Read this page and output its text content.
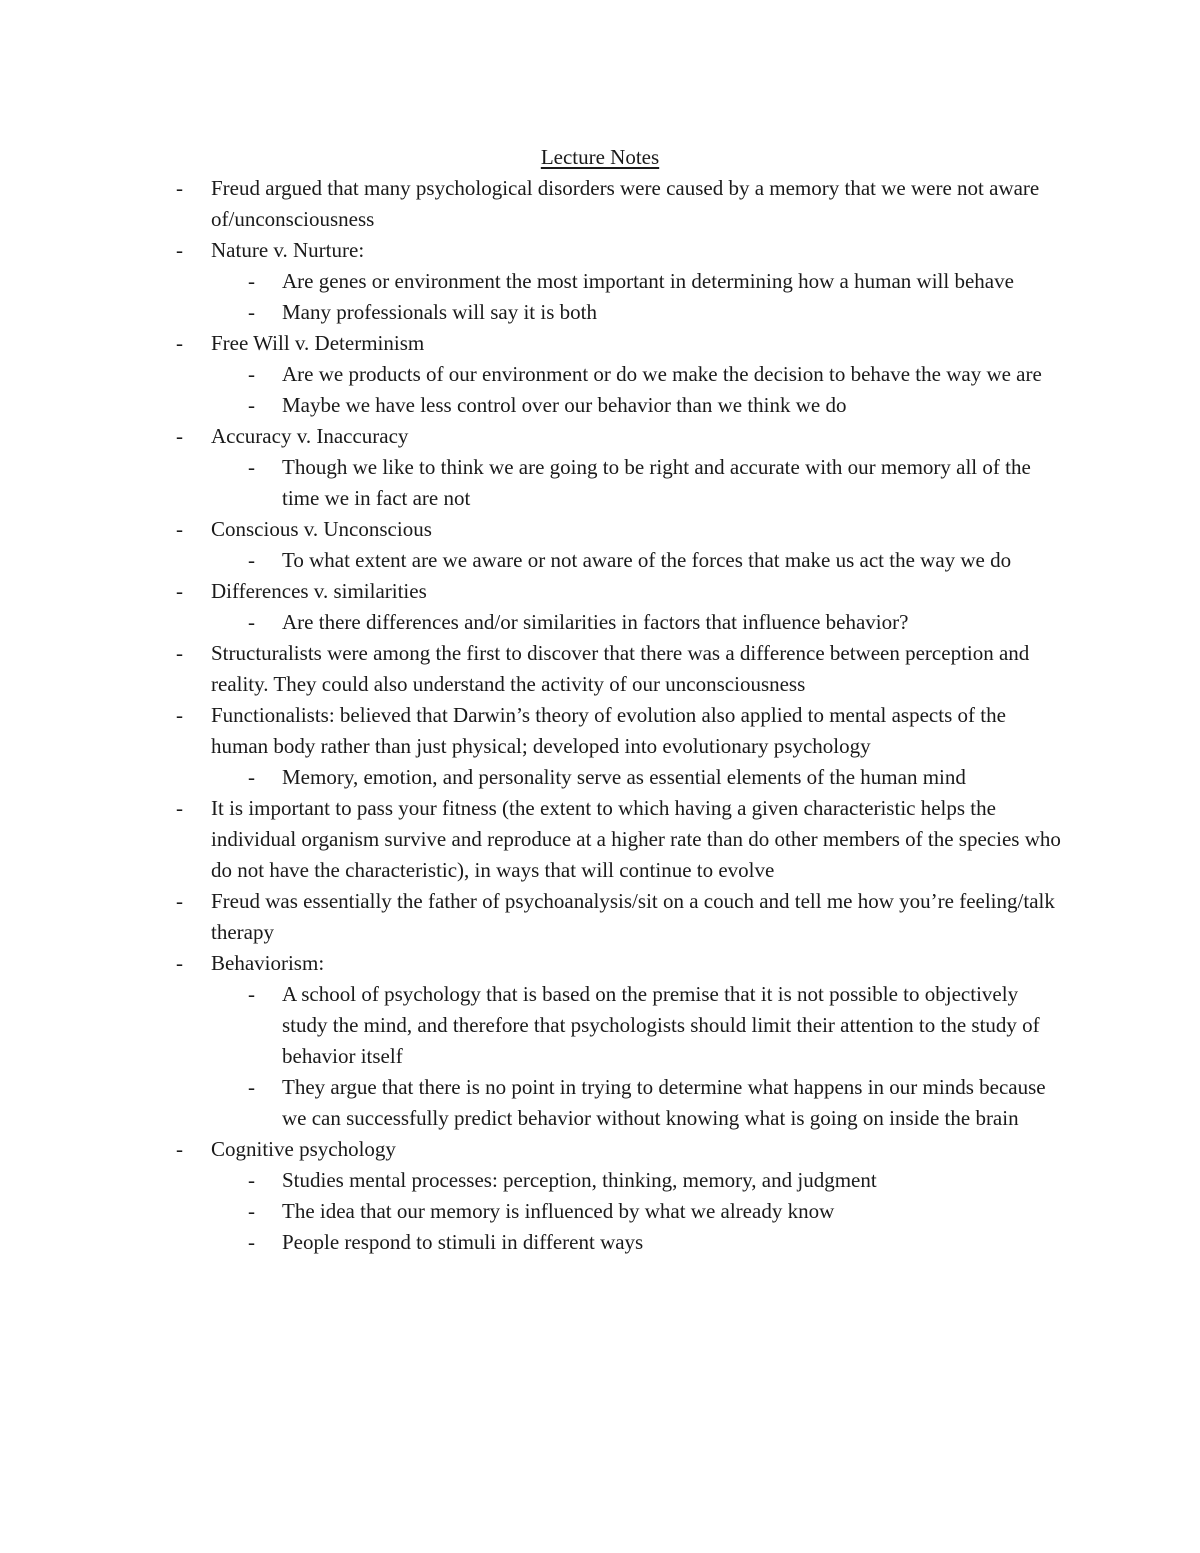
Lecture Notes
- Freud argued that many psychological disorders were caused by a memory that we were not aware of/unconsciousness
- Nature v. Nurture:
- Are genes or environment the most important in determining how a human will behave
- Many professionals will say it is both
- Free Will v. Determinism
- Are we products of our environment or do we make the decision to behave the way we are
- Maybe we have less control over our behavior than we think we do
- Accuracy v. Inaccuracy
- Though we like to think we are going to be right and accurate with our memory all of the time we in fact are not
- Conscious v. Unconscious
- To what extent are we aware or not aware of the forces that make us act the way we do
- Differences v. similarities
- Are there differences and/or similarities in factors that influence behavior?
- Structuralists were among the first to discover that there was a difference between perception and reality. They could also understand the activity of our unconsciousness
- Functionalists: believed that Darwin’s theory of evolution also applied to mental aspects of the human body rather than just physical; developed into evolutionary psychology
- Memory, emotion, and personality serve as essential elements of the human mind
- It is important to pass your fitness (the extent to which having a given characteristic helps the individual organism survive and reproduce at a higher rate than do other members of the species who do not have the characteristic), in ways that will continue to evolve
- Freud was essentially the father of psychoanalysis/sit on a couch and tell me how you’re feeling/talk therapy
- Behaviorism:
- A school of psychology that is based on the premise that it is not possible to objectively study the mind, and therefore that psychologists should limit their attention to the study of behavior itself
- They argue that there is no point in trying to determine what happens in our minds because we can successfully predict behavior without knowing what is going on inside the brain
- Cognitive psychology
- Studies mental processes: perception, thinking, memory, and judgment
- The idea that our memory is influenced by what we already know
- People respond to stimuli in different ways
